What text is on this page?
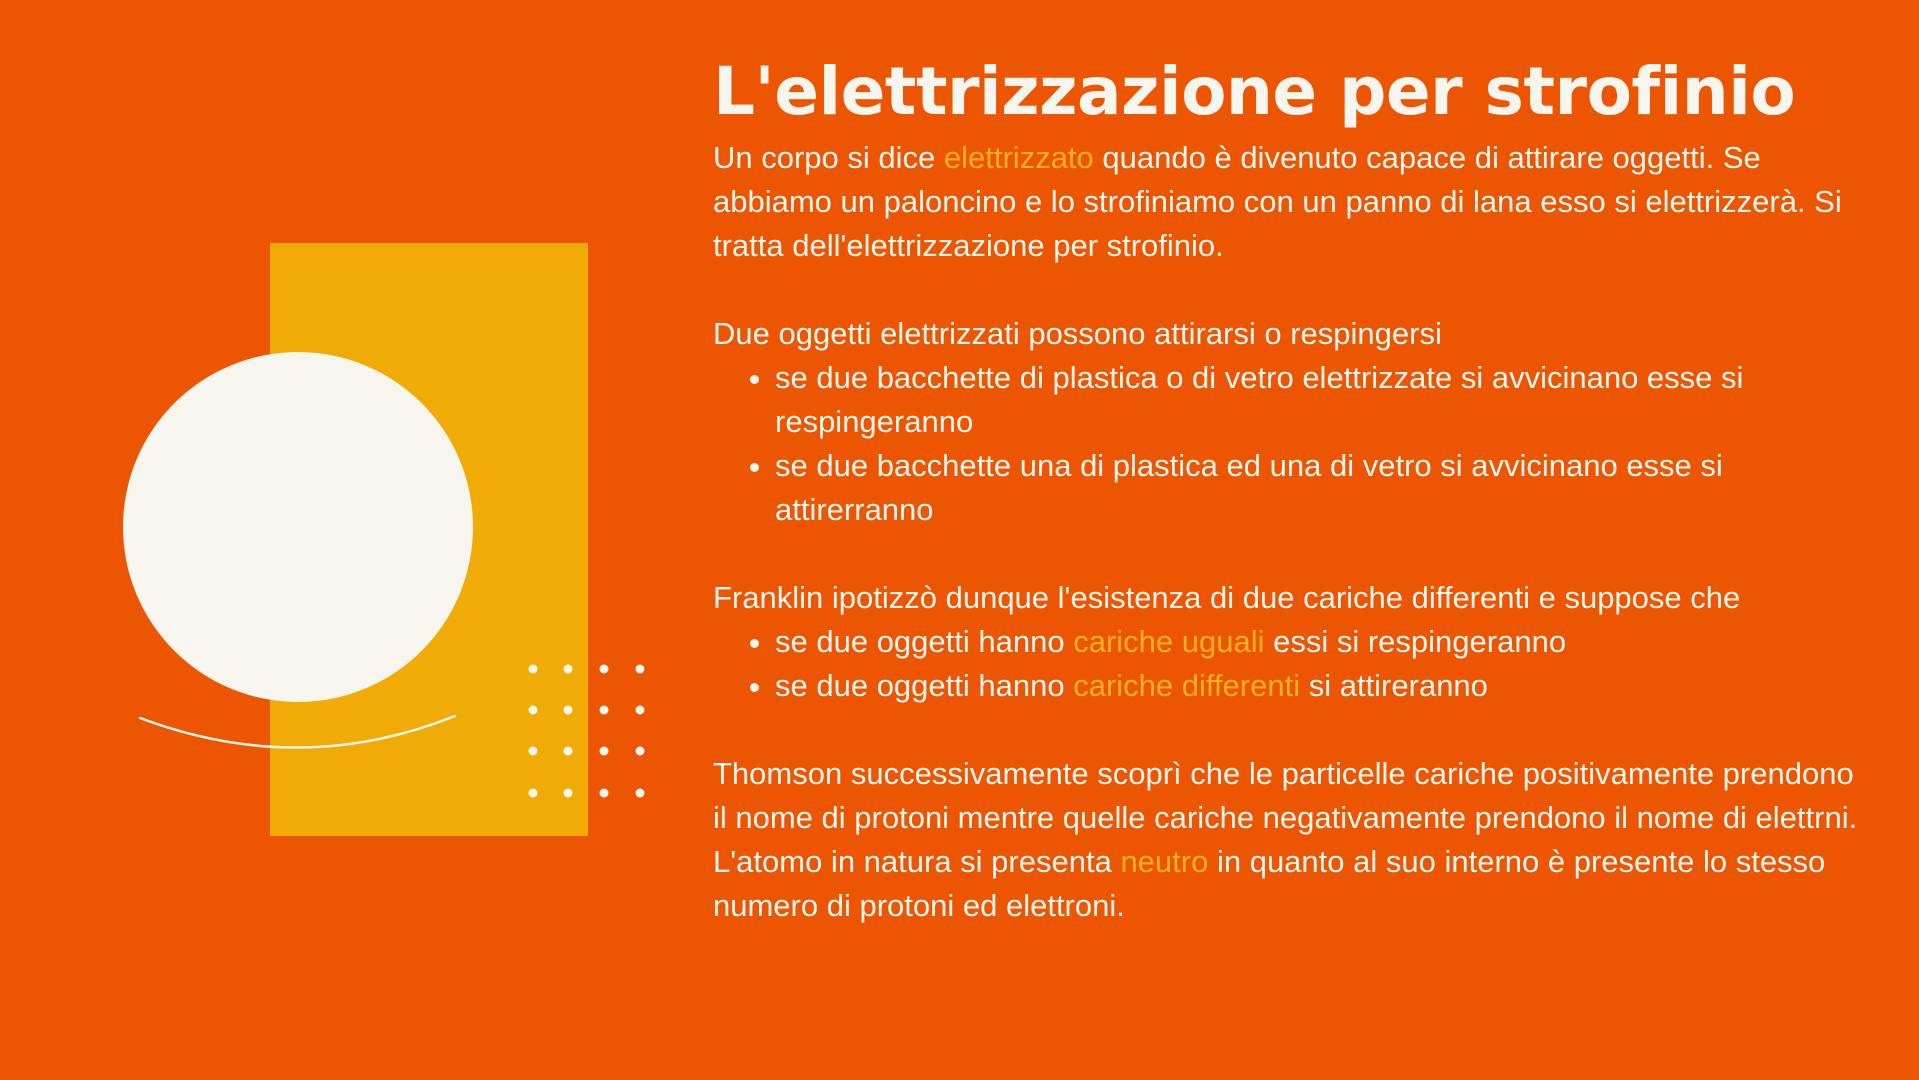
L'elettrizzazione per strofinio

Un corpo si dice elettrizzato quando è divenuto capace di attirare oggetti. Se abbiamo un paloncino e lo strofiniamo con un panno di lana esso si elettrizzerà. Si tratta dell'elettrizzazione per strofinio.

Due oggetti elettrizzati possono attirarsi o respingersi

• se due bacchette di plastica o di vetro elettrizzate si avvicinano esse si respingeranno
• se due bacchette una di plastica ed una di vetro si avvicinano esse si attirerranno

Franklin ipotizzò dunque l'esistenza di due cariche differenti e suppose che

• se due oggetti hanno cariche uguali essi si respingeranno
• se due oggetti hanno cariche differenti si attireranno

Thomson successivamente scoprì che le particelle cariche positivamente prendono il nome di protoni mentre quelle cariche negativamente prendono il nome di elettrni. L'atomo in natura si presenta neutro in quanto al suo interno è presente lo stesso numero di protoni ed elettroni.
